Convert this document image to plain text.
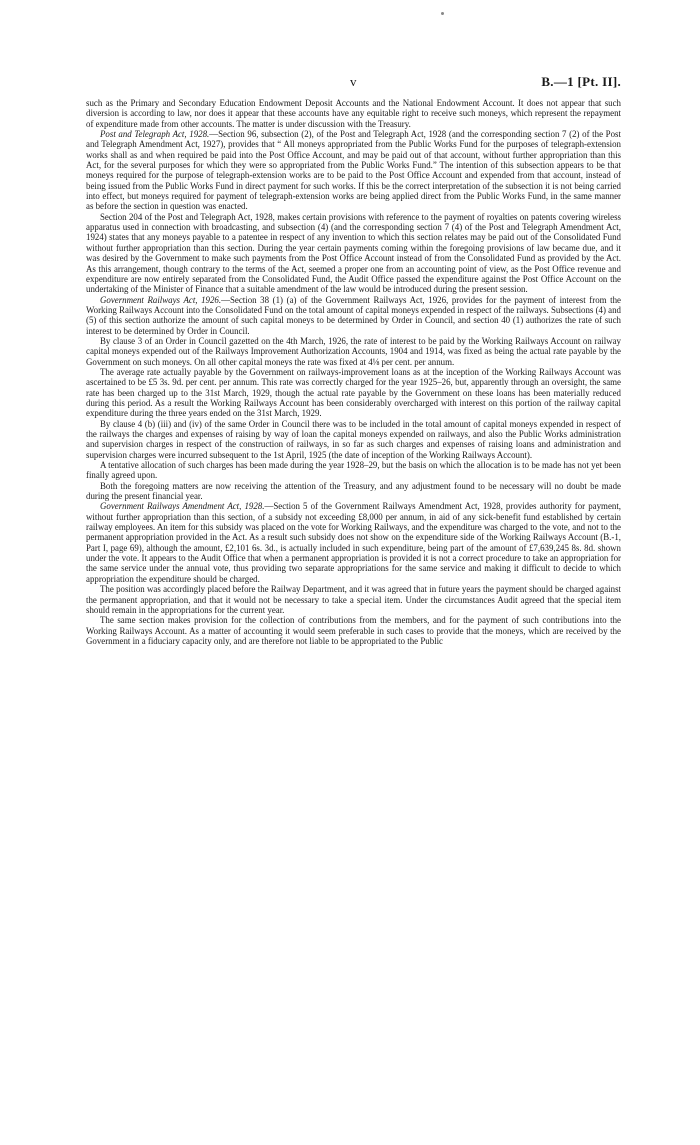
v	B.—1 [Pt. II].

such as the Primary and Secondary Education Endowment Deposit Accounts and the National Endowment Account. It does not appear that such diversion is according to law, nor does it appear that these accounts have any equitable right to receive such moneys, which represent the repayment of expenditure made from other accounts. The matter is under discussion with the Treasury.

Post and Telegraph Act, 1928.—Section 96, subsection (2), of the Post and Telegraph Act, 1928 (and the corresponding section 7 (2) of the Post and Telegraph Amendment Act, 1927), provides that “ All moneys appropriated from the Public Works Fund for the purposes of telegraph-extension works shall as and when required be paid into the Post Office Account, and may be paid out of that account, without further appropriation than this Act, for the several purposes for which they were so appropriated from the Public Works Fund.” The intention of this subsection appears to be that moneys required for the purpose of telegraph-extension works are to be paid to the Post Office Account and expended from that account, instead of being issued from the Public Works Fund in direct payment for such works. If this be the correct interpretation of the subsection it is not being carried into effect, but moneys required for payment of telegraph-extension works are being applied direct from the Public Works Fund, in the same manner as before the section in question was enacted.

Section 204 of the Post and Telegraph Act, 1928, makes certain provisions with reference to the payment of royalties on patents covering wireless apparatus used in connection with broadcasting, and subsection (4) (and the corresponding section 7 (4) of the Post and Telegraph Amendment Act, 1924) states that any moneys payable to a patentee in respect of any invention to which this section relates may be paid out of the Consolidated Fund without further appropriation than this section. During the year certain payments coming within the foregoing provisions of law became due, and it was desired by the Government to make such payments from the Post Office Account instead of from the Consolidated Fund as provided by the Act. As this arrangement, though contrary to the terms of the Act, seemed a proper one from an accounting point of view, as the Post Office revenue and expenditure are now entirely separated from the Consolidated Fund, the Audit Office passed the expenditure against the Post Office Account on the undertaking of the Minister of Finance that a suitable amendment of the law would be introduced during the present session.

Government Railways Act, 1926.—Section 38 (1) (a) of the Government Railways Act, 1926, provides for the payment of interest from the Working Railways Account into the Consolidated Fund on the total amount of capital moneys expended in respect of the railways. Subsections (4) and (5) of this section authorize the amount of such capital moneys to be determined by Order in Council, and section 40 (1) authorizes the rate of such interest to be determined by Order in Council.

By clause 3 of an Order in Council gazetted on the 4th March, 1926, the rate of interest to be paid by the Working Railways Account on railway capital moneys expended out of the Railways Improvement Authorization Accounts, 1904 and 1914, was fixed as being the actual rate payable by the Government on such moneys. On all other capital moneys the rate was fixed at 4⅛ per cent. per annum.

The average rate actually payable by the Government on railways-improvement loans as at the inception of the Working Railways Account was ascertained to be £5 3s. 9d. per cent. per annum. This rate was correctly charged for the year 1925–26, but, apparently through an oversight, the same rate has been charged up to the 31st March, 1929, though the actual rate payable by the Government on these loans has been materially reduced during this period. As a result the Working Railways Account has been considerably overcharged with interest on this portion of the railway capital expenditure during the three years ended on the 31st March, 1929.

By clause 4 (b) (iii) and (iv) of the same Order in Council there was to be included in the total amount of capital moneys expended in respect of the railways the charges and expenses of raising by way of loan the capital moneys expended on railways, and also the Public Works administration and supervision charges in respect of the construction of railways, in so far as such charges and expenses of raising loans and administration and supervision charges were incurred subsequent to the 1st April, 1925 (the date of inception of the Working Railways Account).

A tentative allocation of such charges has been made during the year 1928–29, but the basis on which the allocation is to be made has not yet been finally agreed upon.

Both the foregoing matters are now receiving the attention of the Treasury, and any adjustment found to be necessary will no doubt be made during the present financial year.

Government Railways Amendment Act, 1928.—Section 5 of the Government Railways Amendment Act, 1928, provides authority for payment, without further appropriation than this section, of a subsidy not exceeding £8,000 per annum, in aid of any sick-benefit fund established by certain railway employees. An item for this subsidy was placed on the vote for Working Railways, and the expenditure was charged to the vote, and not to the permanent appropriation provided in the Act. As a result such subsidy does not show on the expenditure side of the Working Railways Account (B.-1, Part I, page 69), although the amount, £2,101 6s. 3d., is actually included in such expenditure, being part of the amount of £7,639,245 8s. 8d. shown under the vote. It appears to the Audit Office that when a permanent appropriation is provided it is not a correct procedure to take an appropriation for the same service under the annual vote, thus providing two separate appropriations for the same service and making it difficult to decide to which appropriation the expenditure should be charged.

The position was accordingly placed before the Railway Department, and it was agreed that in future years the payment should be charged against the permanent appropriation, and that it would not be necessary to take a special item. Under the circumstances Audit agreed that the special item should remain in the appropriations for the current year.

The same section makes provision for the collection of contributions from the members, and for the payment of such contributions into the Working Railways Account. As a matter of accounting it would seem preferable in such cases to provide that the moneys, which are received by the Government in a fiduciary capacity only, and are therefore not liable to be appropriated to the Public
